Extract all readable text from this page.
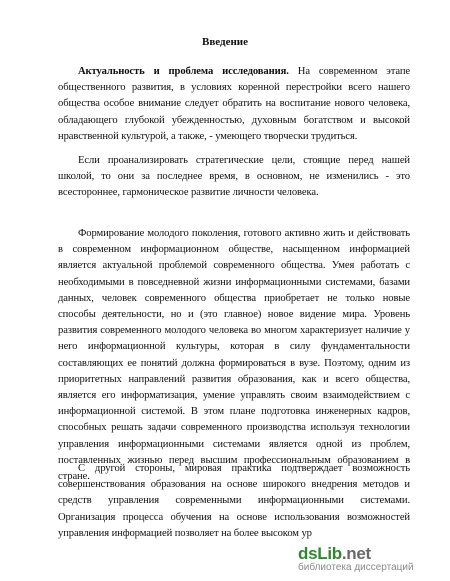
Введение

Актуальность и проблема исследования. На современном этапе общественного развития, в условиях коренной перестройки всего нашего общества особое внимание следует обратить на воспитание нового человека, обладающего глубокой убежденностью, духовным богатством и высокой нравственной культурой, а также, - умеющего творчески трудиться.

Если проанализировать стратегические цели, стоящие перед нашей школой, то они за последнее время, в основном, не изменились - это всестороннее, гармоническое развитие личности человека.

Формирование молодого поколения, готового активно жить и действовать в современном информационном обществе, насыщенном информацией является актуальной проблемой современного общества. Умея работать с необходимыми в повседневной жизни информационными системами, базами данных, человек современного общества приобретает не только новые способы деятельности, но и (это главное) новое видение мира. Уровень развития современного молодого человека во многом характеризует наличие у него информационной культуры, которая в силу фундаментальности составляющих ее понятий должна формироваться в вузе. Поэтому, одним из приоритетных направлений развития образования, как и всего общества, является его информатизация, умение управлять своим взаимодействием с информационной системой. В этом плане подготовка инженерных кадров, способных решать задачи современного производства используя технологии управления информационными системами является одной из проблем, поставленных жизнью перед высшим профессиональным образованием в стране.

С другой стороны, мировая практика подтверждает возможность совершенствования образования на основе широкого внедрения методов и средств управления современными информационными системами. Организация процесса обучения на основе использования возможностей управления информацией позволяет на более высоком ур

dsLib.net
библиотека диссертаций
